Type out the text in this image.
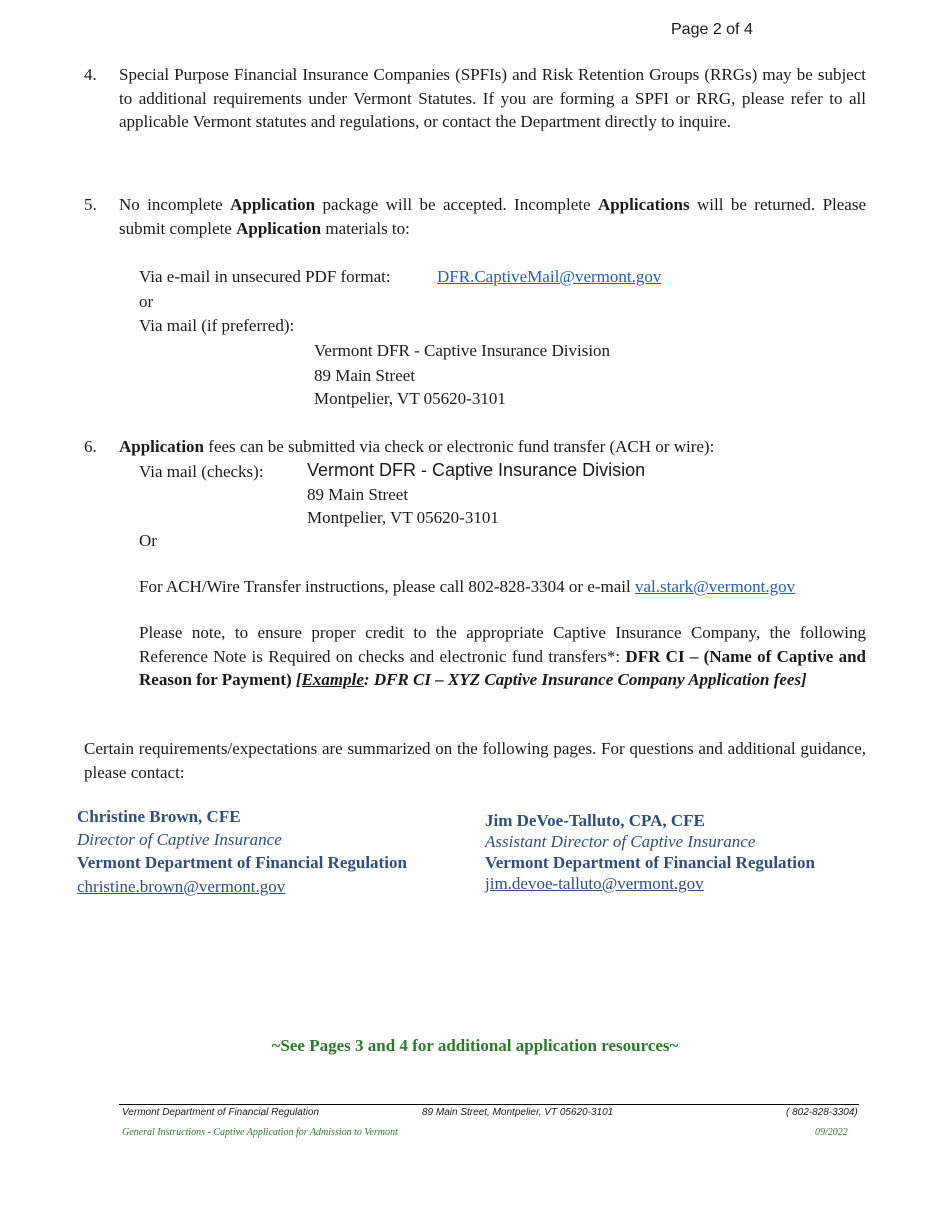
Page 2 of 4
4. Special Purpose Financial Insurance Companies (SPFIs) and Risk Retention Groups (RRGs) may be subject to additional requirements under Vermont Statutes. If you are forming a SPFI or RRG, please refer to all applicable Vermont statutes and regulations, or contact the Department directly to inquire.
5. No incomplete Application package will be accepted. Incomplete Applications will be returned. Please submit complete Application materials to:
Via e-mail in unsecured PDF format:	DFR.CaptiveMail@vermont.gov
or
Via mail (if preferred):
Vermont DFR - Captive Insurance Division
89 Main Street
Montpelier, VT 05620-3101
6. Application fees can be submitted via check or electronic fund transfer (ACH or wire):
Via mail (checks): Vermont DFR - Captive Insurance Division
89 Main Street
Montpelier, VT 05620-3101
Or
For ACH/Wire Transfer instructions, please call 802-828-3304 or e-mail val.stark@vermont.gov
Please note, to ensure proper credit to the appropriate Captive Insurance Company, the following Reference Note is Required on checks and electronic fund transfers*: DFR CI – (Name of Captive and Reason for Payment) [Example: DFR CI – XYZ Captive Insurance Company Application fees]
Certain requirements/expectations are summarized on the following pages. For questions and additional guidance, please contact:
Christine Brown, CFE
Director of Captive Insurance
Vermont Department of Financial Regulation
christine.brown@vermont.gov
Jim DeVoe-Talluto, CPA, CFE
Assistant Director of Captive Insurance
Vermont Department of Financial Regulation
jim.devoe-talluto@vermont.gov
~See Pages 3 and 4 for additional application resources~
Vermont Department of Financial Regulation	89 Main Street, Montpelier, VT 05620-3101	( 802-828-3304)
General Instructions - Captive Application for Admission to Vermont	09/2022
